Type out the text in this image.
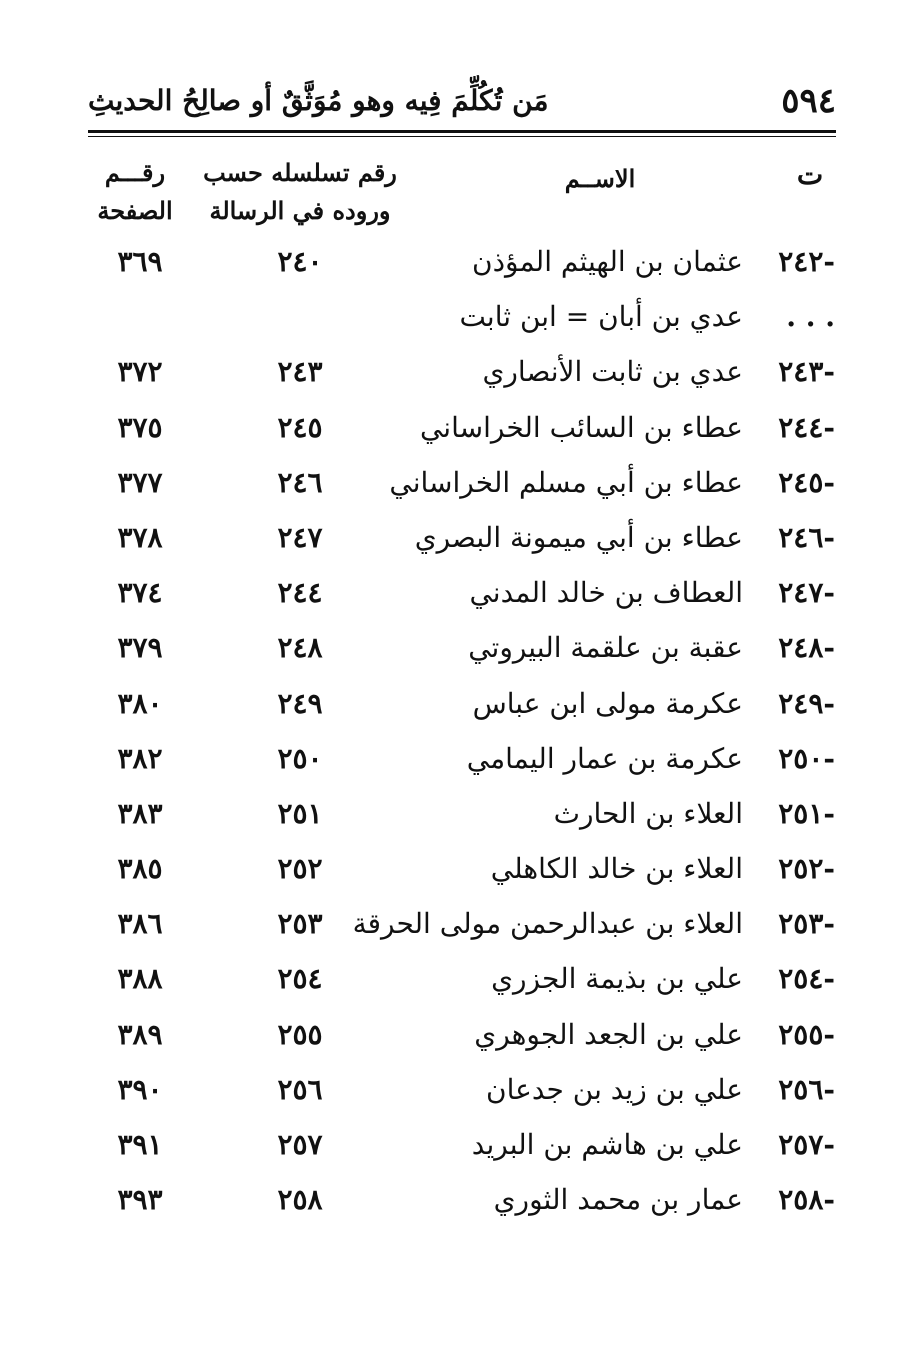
٥٩٤
مَن تُكُلِّمَ فِيه وهو مُوَثَّقٌ أو صالِحُ الحديثِ
ت
الاســم
رقم تسلسله حسب
وروده في الرسالة
رقـــم
الصفحة
٢٤٢-
عثمان بن الهيثم المؤذن
٢٤٠
٣٦٩
. . .
عدي بن أبان = ابن ثابت
٢٤٣-
عدي بن ثابت الأنصاري
٢٤٣
٣٧٢
٢٤٤-
عطاء بن السائب الخراساني
٢٤٥
٣٧٥
٢٤٥-
عطاء بن أبي مسلم الخراساني
٢٤٦
٣٧٧
٢٤٦-
عطاء بن أبي ميمونة البصري
٢٤٧
٣٧٨
٢٤٧-
العطاف بن خالد المدني
٢٤٤
٣٧٤
٢٤٨-
عقبة بن علقمة البيروتي
٢٤٨
٣٧٩
٢٤٩-
عكرمة مولى ابن عباس
٢٤٩
٣٨٠
٢٥٠-
عكرمة بن عمار اليمامي
٢٥٠
٣٨٢
٢٥١-
العلاء بن الحارث
٢٥١
٣٨٣
٢٥٢-
العلاء بن خالد الكاهلي
٢٥٢
٣٨٥
٢٥٣-
العلاء بن عبدالرحمن مولى الحرقة
٢٥٣
٣٨٦
٢٥٤-
علي بن بذيمة الجزري
٢٥٤
٣٨٨
٢٥٥-
علي بن الجعد الجوهري
٢٥٥
٣٨٩
٢٥٦-
علي بن زيد بن جدعان
٢٥٦
٣٩٠
٢٥٧-
علي بن هاشم بن البريد
٢٥٧
٣٩١
٢٥٨-
عمار بن محمد الثوري
٢٥٨
٣٩٣
